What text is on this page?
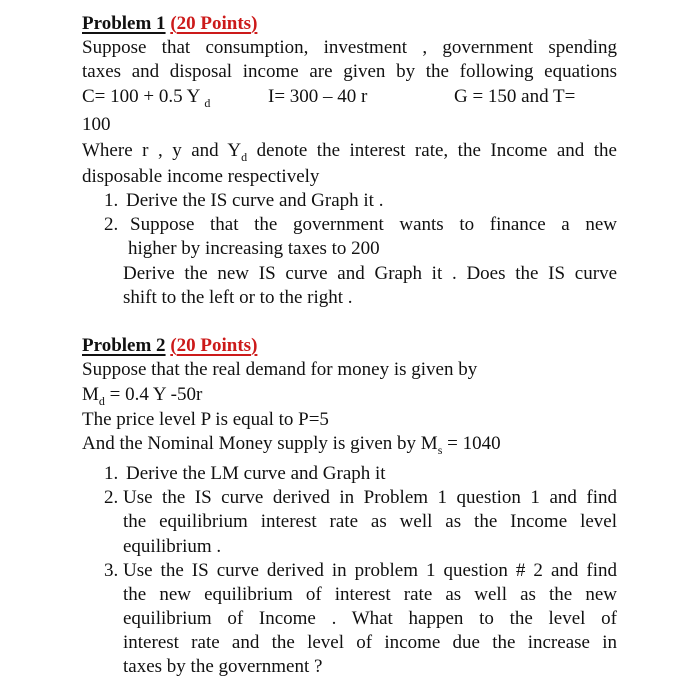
Problem 1 (20 Points)
Suppose that consumption, investment , government spending
taxes and disposal income are given by the following equations
C= 100 + 0.5 Y $_d$	I= 300 – 40 r	G = 150 and T=
100
Where r , y and $Y_d$ denote the interest rate, the Income and the
disposable income respectively
1. Derive the IS curve and Graph it .
2. Suppose that the government wants to finance a new
higher by increasing taxes to 200
Derive the new IS curve and Graph it . Does the IS curve
shift to the left or to the right .
Problem 2 (20 Points)
Suppose that the real demand for money is given by
$M_d = 0.4$ Y -50r
The price level P is equal to P=5
And the Nominal Money supply is given by $M_s = 1040$
1. Derive the LM curve and Graph it
2. Use the IS curve derived in Problem 1 question 1 and find
the equilibrium interest rate as well as the Income level
equilibrium .
3. Use the IS curve derived in problem 1 question # 2 and find
the new equilibrium of interest rate as well as the new
equilibrium of Income . What happen to the level of
interest rate and the level of income due the increase in
taxes by the government ?
